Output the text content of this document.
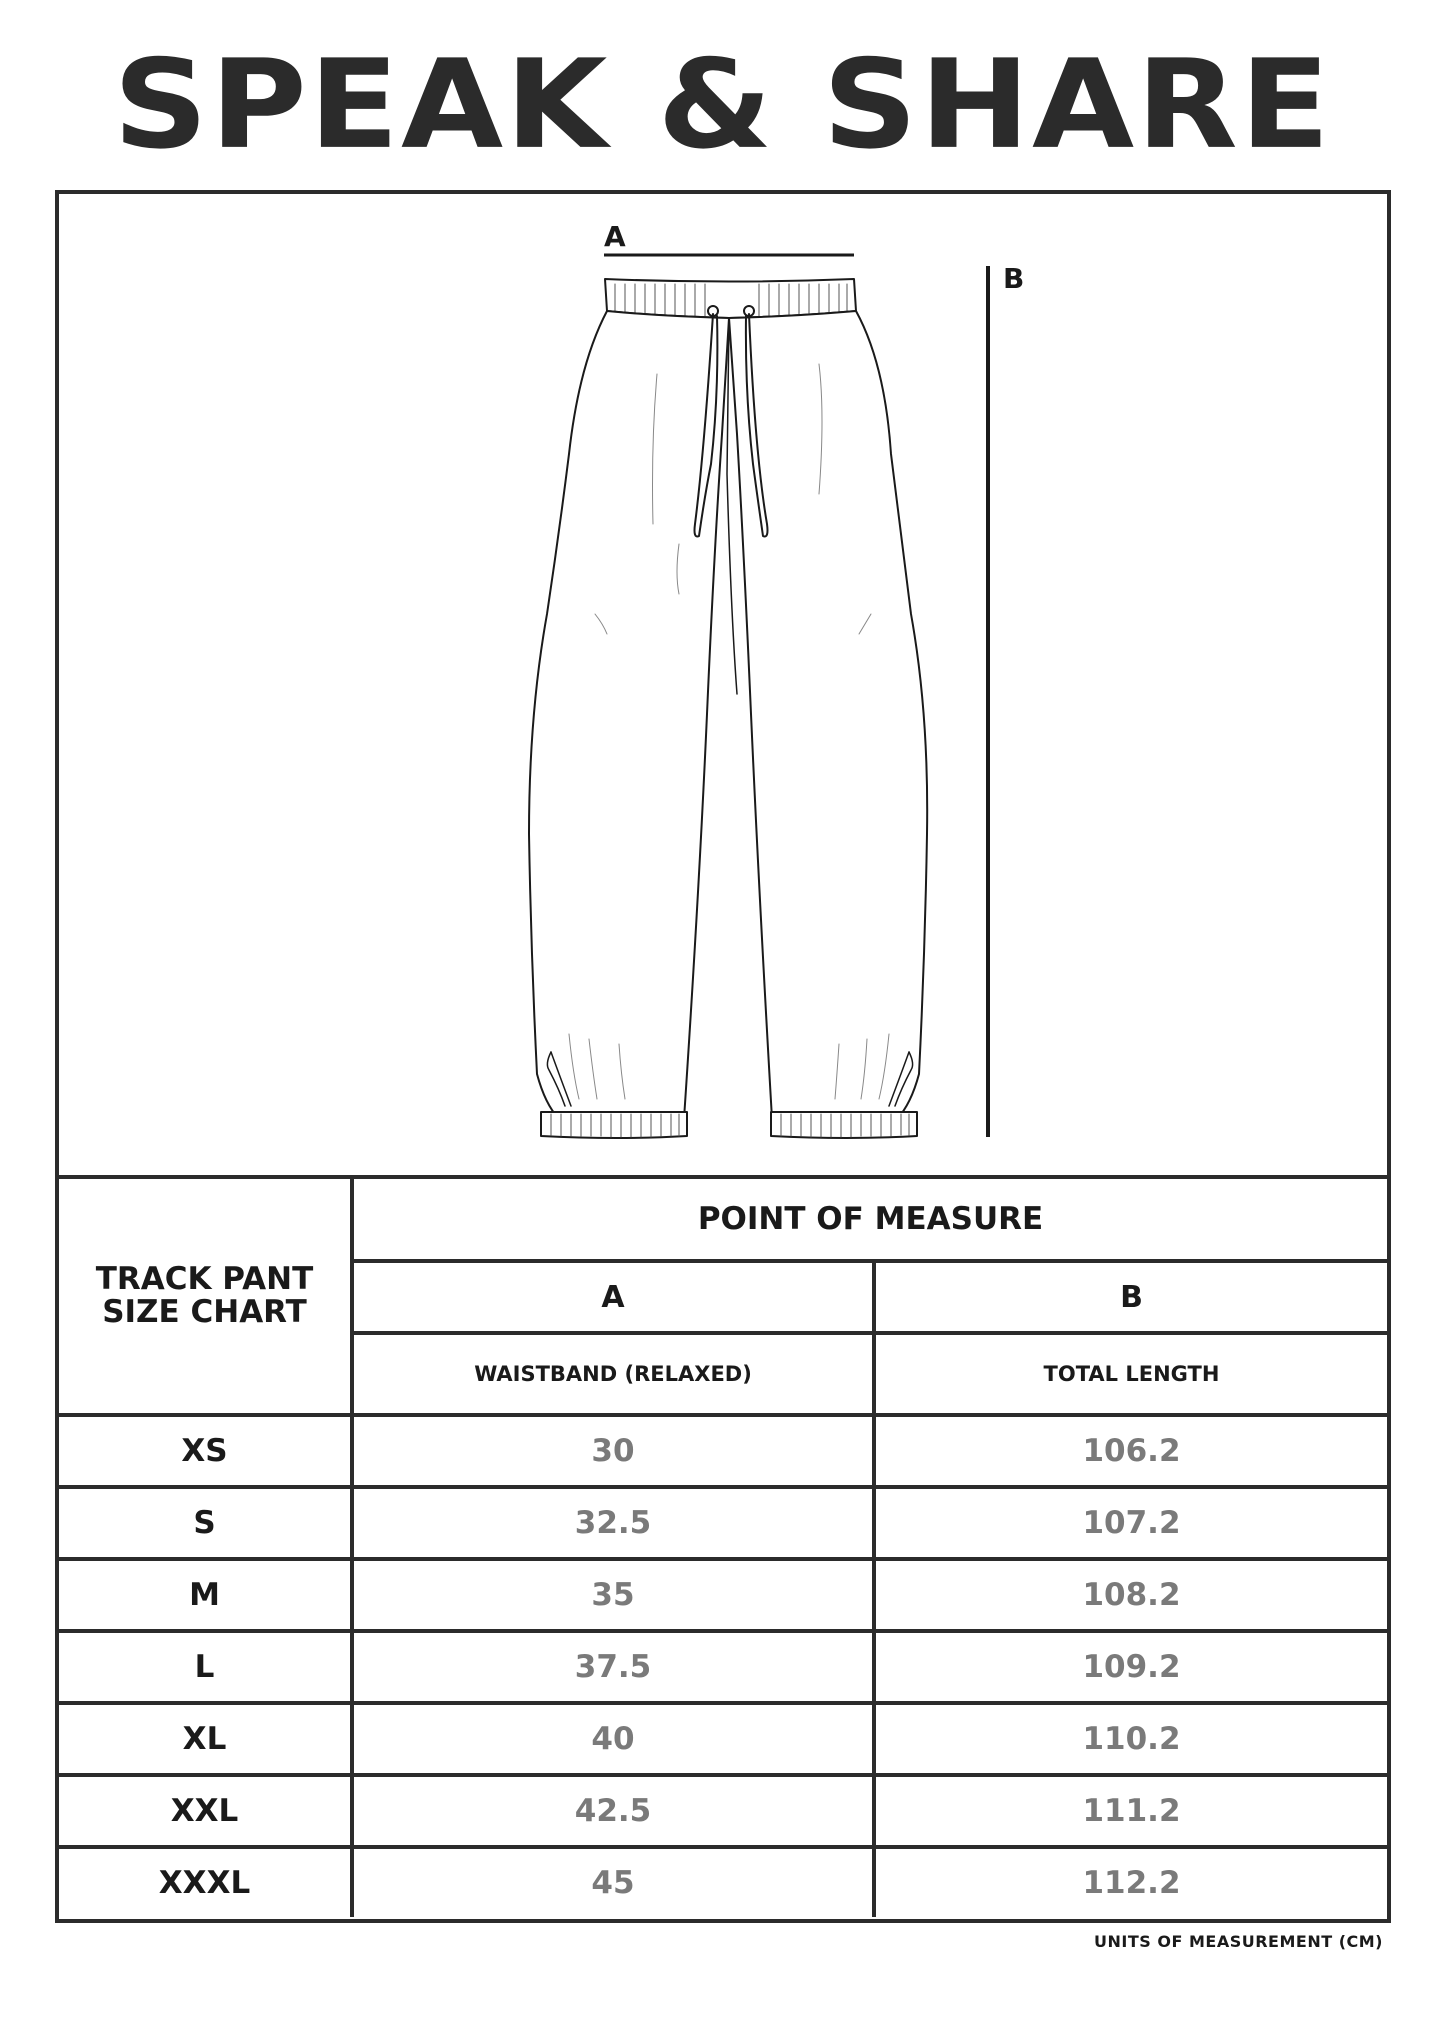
SPEAK & SHARE
A
B
TRACK PANT
SIZE CHART	POINT OF MEASURE	
	A	B
	WAISTBAND (RELAXED)	TOTAL LENGTH
XS	30	106.2
S	32.5	107.2
M	35	108.2
L	37.5	109.2
XL	40	110.2
XXL	42.5	111.2
XXXL	45	112.2
UNITS OF MEASUREMENT (CM)
